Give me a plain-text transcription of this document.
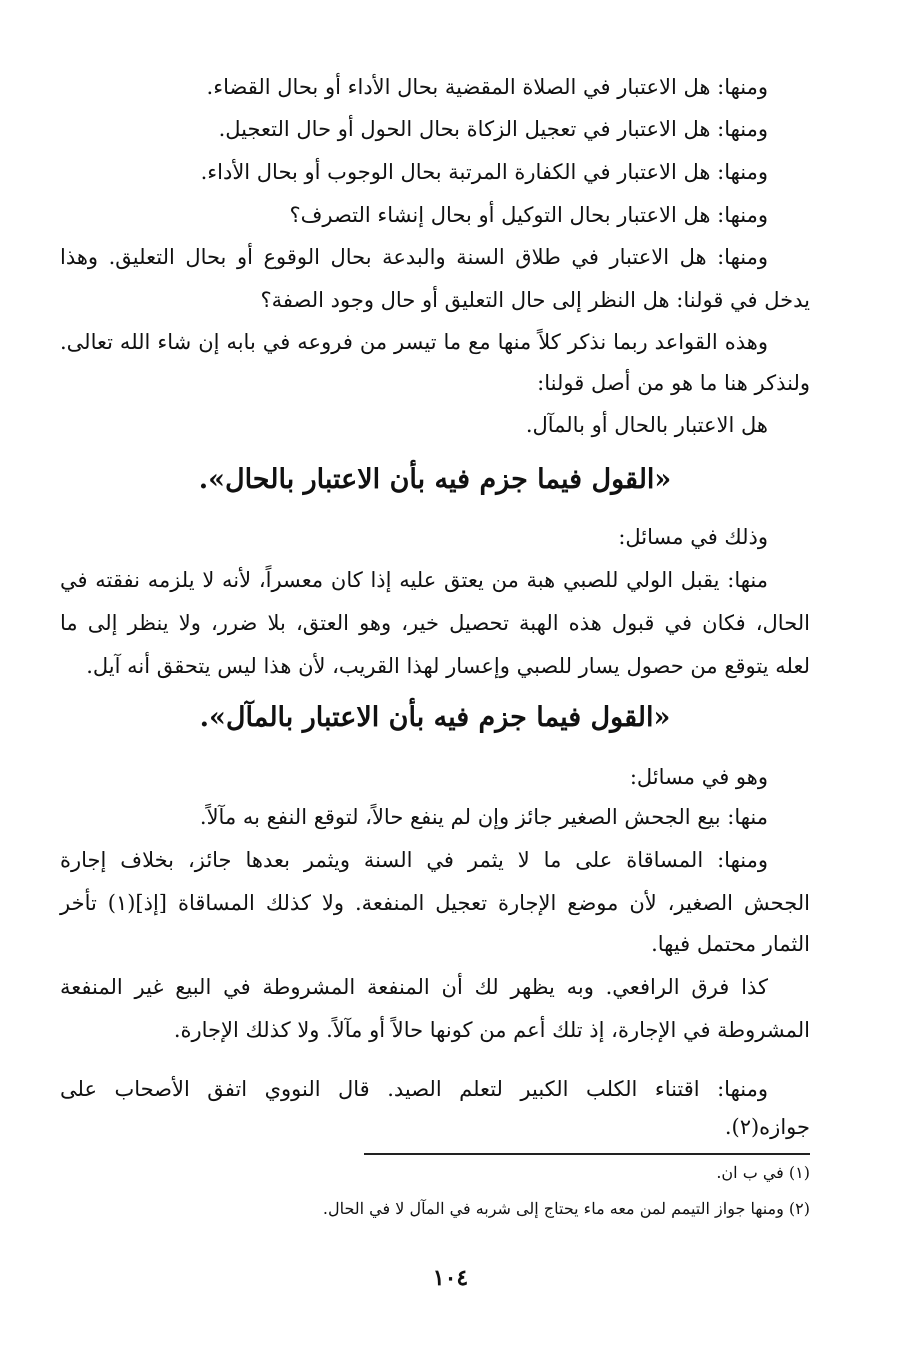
ومنها: هل الاعتبار في الصلاة المقضية بحال الأداء أو بحال القضاء.
ومنها: هل الاعتبار في تعجيل الزكاة بحال الحول أو حال التعجيل.
ومنها: هل الاعتبار في الكفارة المرتبة بحال الوجوب أو بحال الأداء.
ومنها: هل الاعتبار بحال التوكيل أو بحال إنشاء التصرف؟
ومنها: هل الاعتبار في طلاق السنة والبدعة بحال الوقوع أو بحال التعليق. وهذا
يدخل في قولنا: هل النظر إلى حال التعليق أو حال وجود الصفة؟
وهذه القواعد ربما نذكر كلاً منها مع ما تيسر من فروعه في بابه إن شاء الله تعالى.
ولنذكر هنا ما هو من أصل قولنا:
هل الاعتبار بالحال أو بالمآل.
«القول فيما جزم فيه بأن الاعتبار بالحال».
وذلك في مسائل:
منها: يقبل الولي للصبي هبة من يعتق عليه إذا كان معسراً، لأنه لا يلزمه نفقته في
الحال، فكان في قبول هذه الهبة تحصيل خير، وهو العتق، بلا ضرر، ولا ينظر إلى ما
لعله يتوقع من حصول يسار للصبي وإعسار لهذا القريب، لأن هذا ليس يتحقق أنه آيل.
«القول فيما جزم فيه بأن الاعتبار بالمآل».
وهو في مسائل:
منها: بيع الجحش الصغير جائز وإن لم ينفع حالاً، لتوقع النفع به مآلاً.
ومنها: المساقاة على ما لا يثمر في السنة ويثمر بعدها جائز، بخلاف إجارة
الجحش الصغير، لأن موضع الإجارة تعجيل المنفعة. ولا كذلك المساقاة [إذ](١) تأخر
الثمار محتمل فيها.
كذا فرق الرافعي. وبه يظهر لك أن المنفعة المشروطة في البيع غير المنفعة
المشروطة في الإجارة، إذ تلك أعم من كونها حالاً أو مآلاً. ولا كذلك الإجارة.
ومنها: اقتناء الكلب الكبير لتعلم الصيد. قال النووي اتفق الأصحاب على
جوازه(٢).
(١) في ب ان.
(٢) ومنها جواز التيمم لمن معه ماء يحتاج إلى شربه في المآل لا في الحال.
١٠٤
